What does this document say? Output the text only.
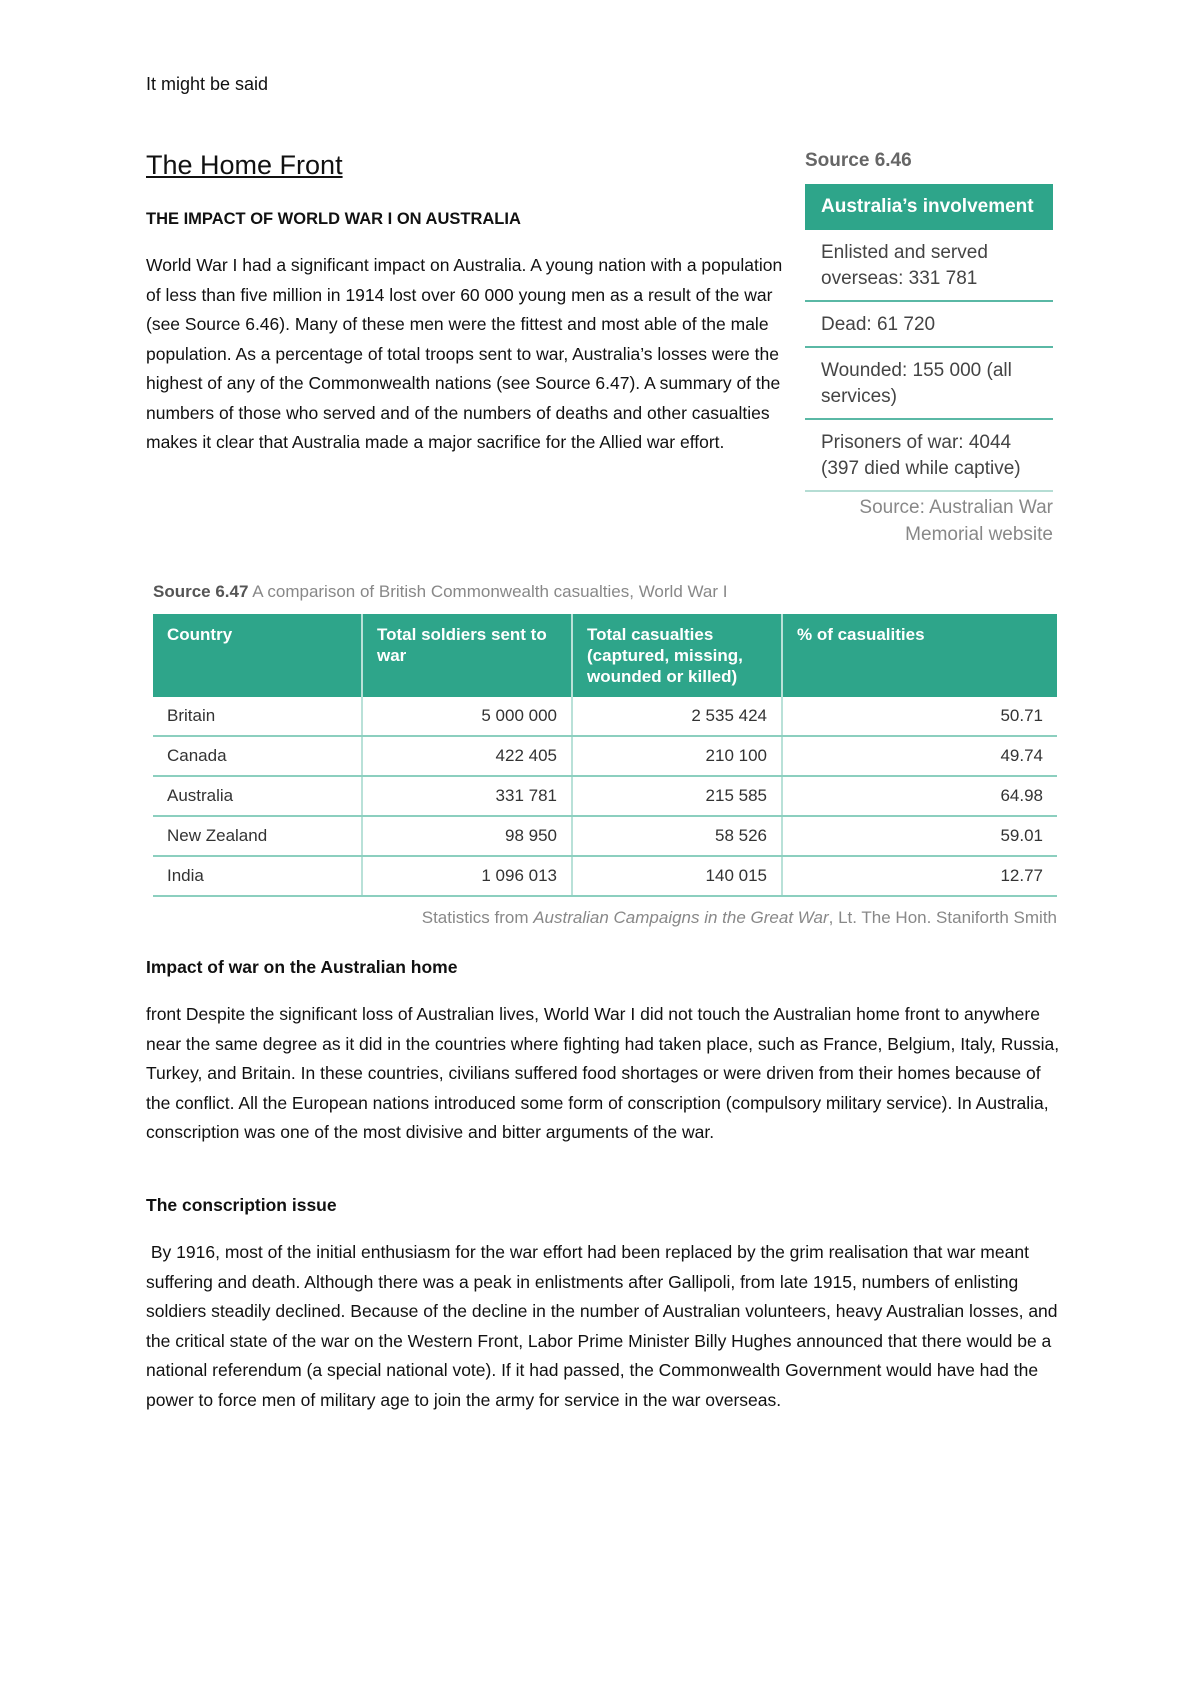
It might be said
The Home Front
THE IMPACT OF WORLD WAR I ON AUSTRALIA
World War I had a significant impact on Australia. A young nation with a population of less than five million in 1914 lost over 60 000 young men as a result of the war (see Source 6.46). Many of these men were the fittest and most able of the male population. As a percentage of total troops sent to war, Australia’s losses were the highest of any of the Commonwealth nations (see Source 6.47). A summary of the numbers of those who served and of the numbers of deaths and other casualties makes it clear that Australia made a major sacrifice for the Allied war effort.
Source 6.46
Australia’s involvement
Enlisted and served overseas: 331 781
Dead: 61 720
Wounded: 155 000 (all services)
Prisoners of war: 4044 (397 died while captive)
Source: Australian War Memorial website
Source 6.47 A comparison of British Commonwealth casualties, World War I
Country	Total soldiers sent to war	Total casualties (captured, missing, wounded or killed)	% of casualities
Britain	5 000 000	2 535 424	50.71
Canada	422 405	210 100	49.74
Australia	331 781	215 585	64.98
New Zealand	98 950	58 526	59.01
India	1 096 013	140 015	12.77
Statistics from Australian Campaigns in the Great War, Lt. The Hon. Staniforth Smith
Impact of war on the Australian home
front Despite the significant loss of Australian lives, World War I did not touch the Australian home front to anywhere near the same degree as it did in the countries where fighting had taken place, such as France, Belgium, Italy, Russia, Turkey, and Britain. In these countries, civilians suffered food shortages or were driven from their homes because of the conflict. All the European nations introduced some form of conscription (compulsory military service). In Australia, conscription was one of the most divisive and bitter arguments of the war.
The conscription issue
By 1916, most of the initial enthusiasm for the war effort had been replaced by the grim realisation that war meant suffering and death. Although there was a peak in enlistments after Gallipoli, from late 1915, numbers of enlisting soldiers steadily declined. Because of the decline in the number of Australian volunteers, heavy Australian losses, and the critical state of the war on the Western Front, Labor Prime Minister Billy Hughes announced that there would be a national referendum (a special national vote). If it had passed, the Commonwealth Government would have had the power to force men of military age to join the army for service in the war overseas.
